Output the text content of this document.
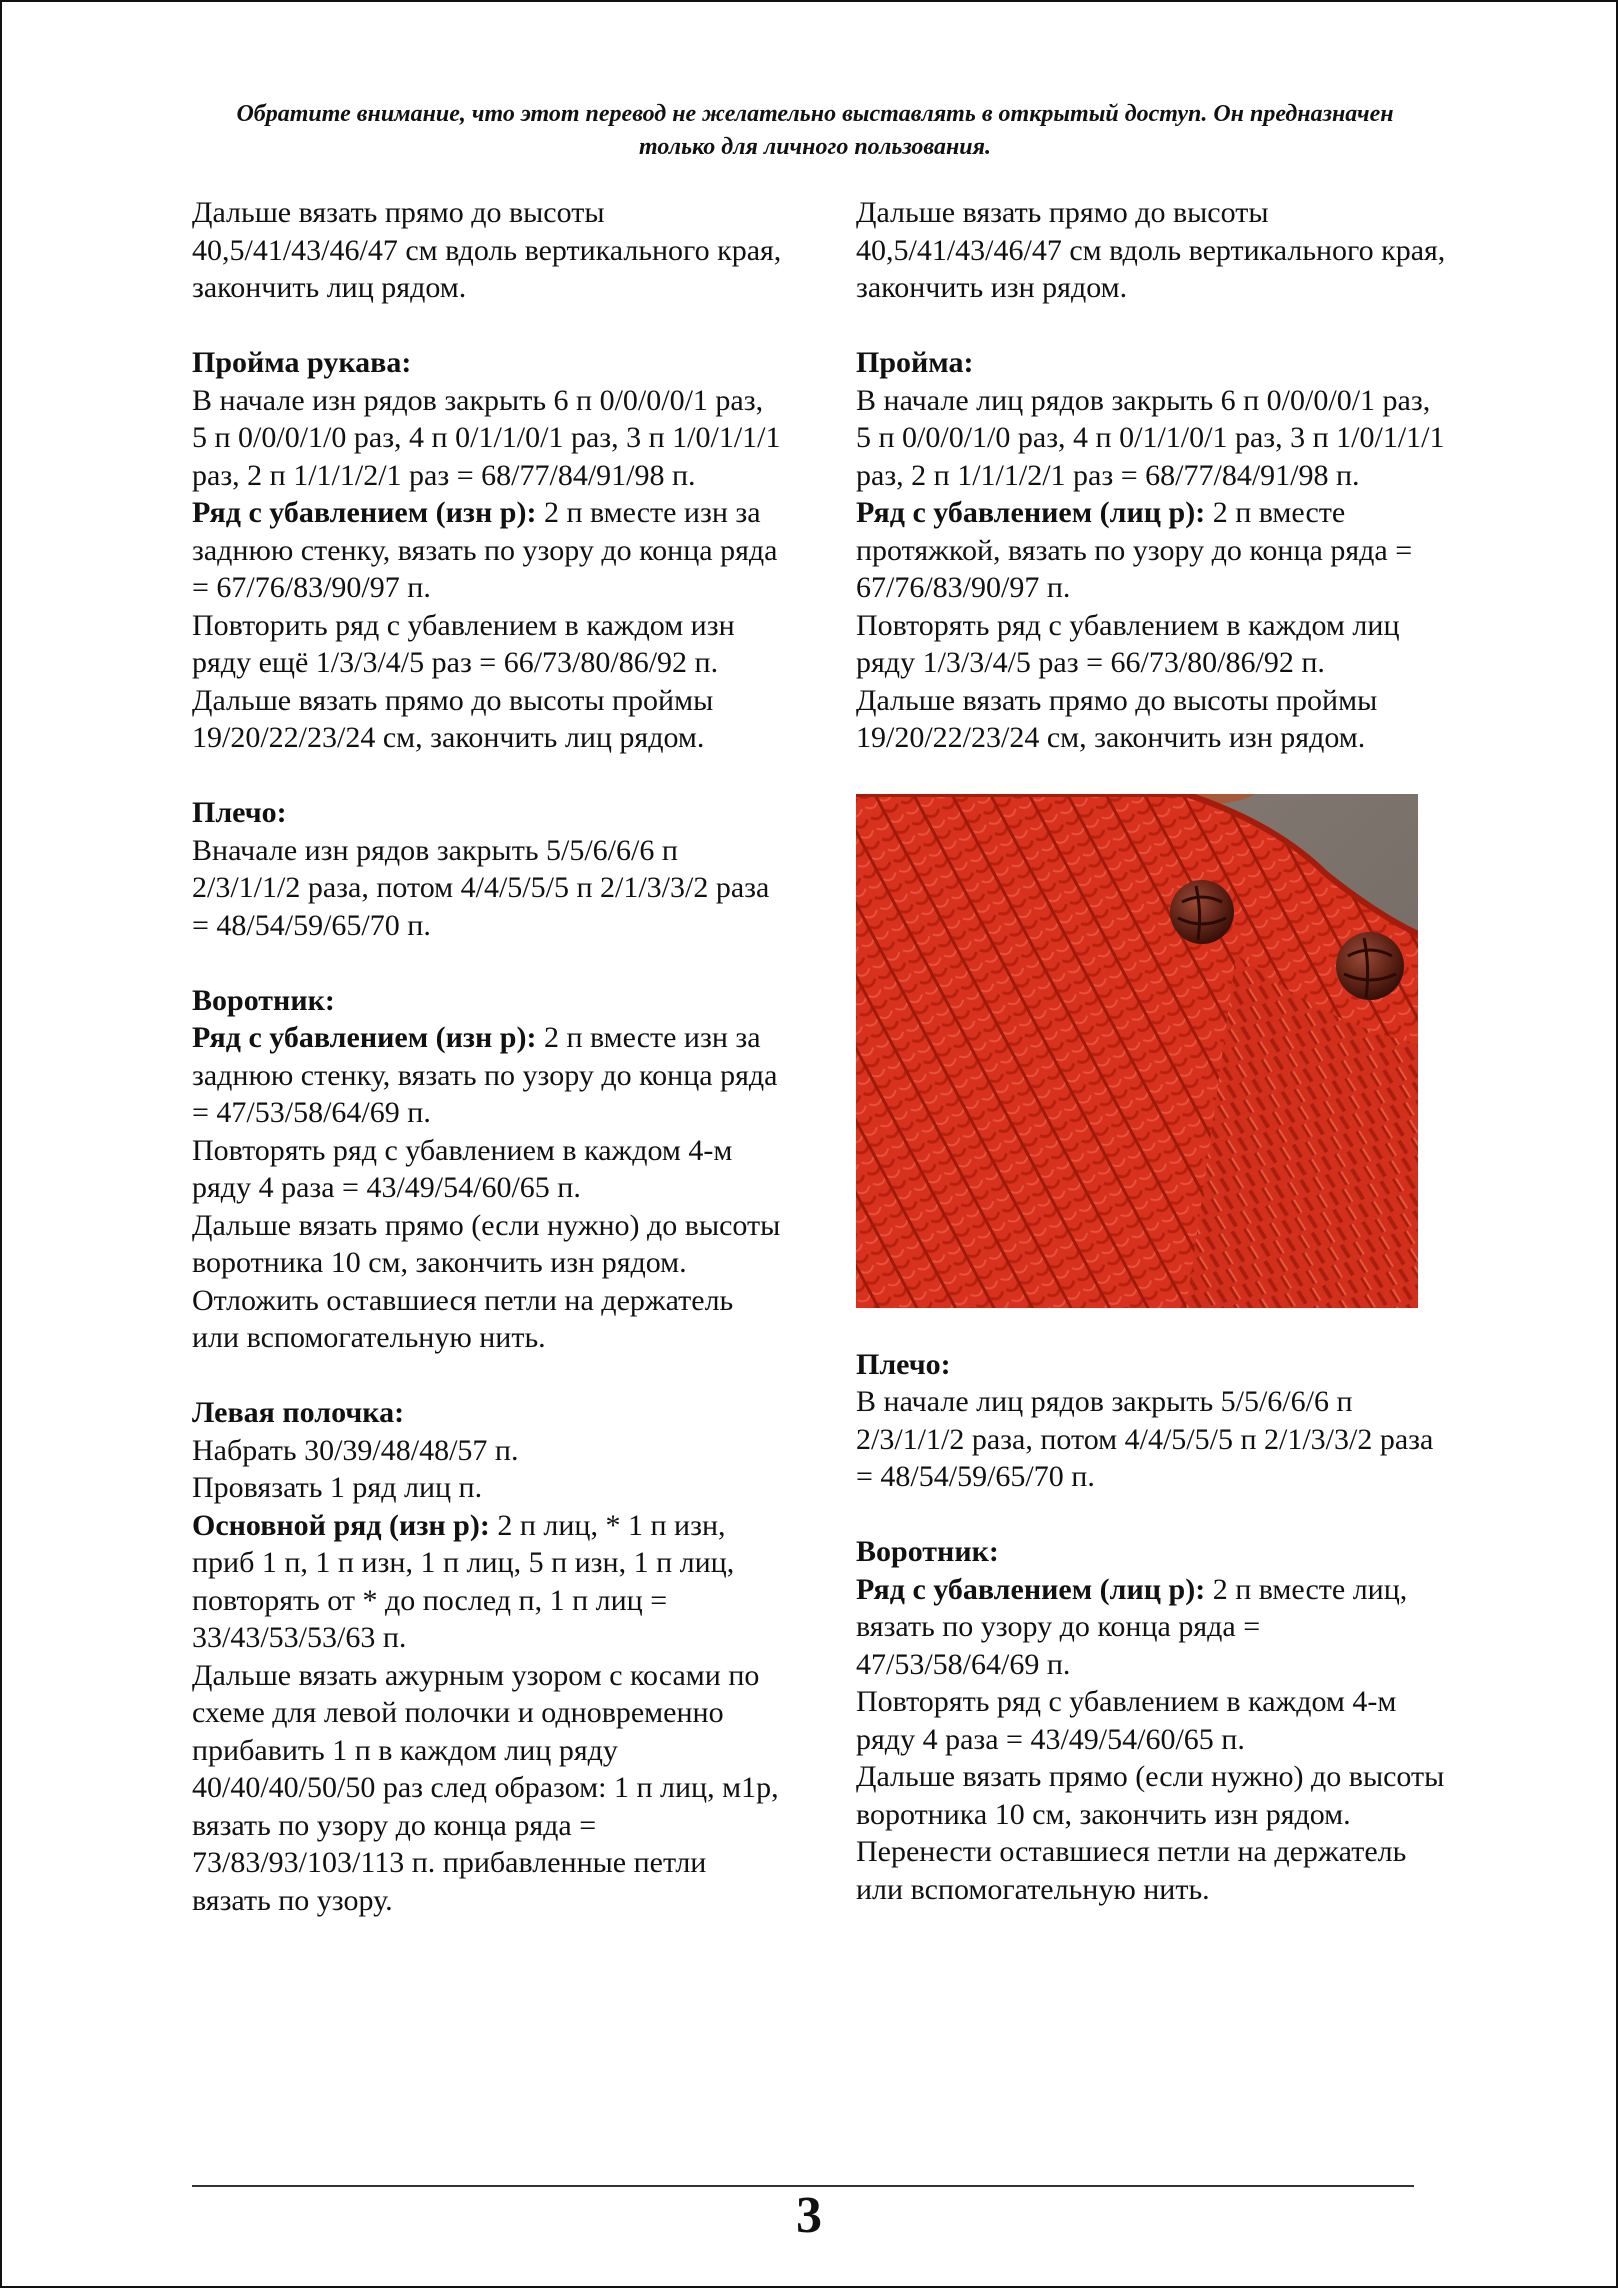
Обратите внимание, что этот перевод не желательно выставлять в открытый доступ. Он предназначен только для личного пользования.

Дальше вязать прямо до высоты 40,5/41/43/46/47 см вдоль вертикального края, закончить лиц рядом.

Пройма рукава:

В начале изн рядов закрыть 6 п 0/0/0/0/1 раз, 5 п 0/0/0/1/0 раз, 4 п 0/1/1/0/1 раз, 3 п 1/0/1/1/1 раз, 2 п 1/1/1/2/1 раз = 68/77/84/91/98 п.

Ряд с убавлением (изн р): 2 п вместе изн за заднюю стенку, вязать по узору до конца ряда = 67/76/83/90/97 п.

Повторить ряд с убавлением в каждом изн ряду ещё 1/3/3/4/5 раз = 66/73/80/86/92 п.

Дальше вязать прямо до высоты проймы 19/20/22/23/24 см, закончить лиц рядом.

Плечо:

Вначале изн рядов закрыть 5/5/6/6/6 п 2/3/1/1/2 раза, потом 4/4/5/5/5 п 2/1/3/3/2 раза = 48/54/59/65/70 п.

Воротник:

Ряд с убавлением (изн р): 2 п вместе изн за заднюю стенку, вязать по узору до конца ряда = 47/53/58/64/69 п.

Повторять ряд с убавлением в каждом 4-м ряду 4 раза = 43/49/54/60/65 п.

Дальше вязать прямо (если нужно) до высоты воротника 10 см, закончить изн рядом.

Отложить оставшиеся петли на держатель или вспомогательную нить.

Левая полочка:

Набрать 30/39/48/48/57 п.

Провязать 1 ряд лиц п.

Основной ряд (изн р): 2 п лиц, * 1 п изн, приб 1 п, 1 п изн, 1 п лиц, 5 п изн, 1 п лиц, повторять от * до послед п, 1 п лиц = 33/43/53/53/63 п.

Дальше вязать ажурным узором с косами по схеме для левой полочки и одновременно прибавить 1 п в каждом лиц ряду 40/40/40/50/50 раз след образом: 1 п лиц, м1р, вязать по узору до конца ряда = 73/83/93/103/113 п. прибавленные петли вязать по узору.

Дальше вязать прямо до высоты 40,5/41/43/46/47 см вдоль вертикального края, закончить изн рядом.

Пройма:

В начале лиц рядов закрыть 6 п 0/0/0/0/1 раз, 5 п 0/0/0/1/0 раз, 4 п 0/1/1/0/1 раз, 3 п 1/0/1/1/1 раз, 2 п 1/1/1/2/1 раз = 68/77/84/91/98 п.

Ряд с убавлением (лиц р): 2 п вместе протяжкой, вязать по узору до конца ряда = 67/76/83/90/97 п.

Повторять ряд с убавлением в каждом лиц ряду 1/3/3/4/5 раз = 66/73/80/86/92 п.

Дальше вязать прямо до высоты проймы 19/20/22/23/24 см, закончить изн рядом.

Плечо:

В начале лиц рядов закрыть 5/5/6/6/6 п 2/3/1/1/2 раза, потом 4/4/5/5/5 п 2/1/3/3/2 раза = 48/54/59/65/70 п.

Воротник:

Ряд с убавлением (лиц р): 2 п вместе лиц, вязать по узору до конца ряда = 47/53/58/64/69 п.

Повторять ряд с убавлением в каждом 4-м ряду 4 раза = 43/49/54/60/65 п.

Дальше вязать прямо (если нужно) до высоты воротника 10 см, закончить изн рядом.

Перенести оставшиеся петли на держатель или вспомогательную нить.

3
